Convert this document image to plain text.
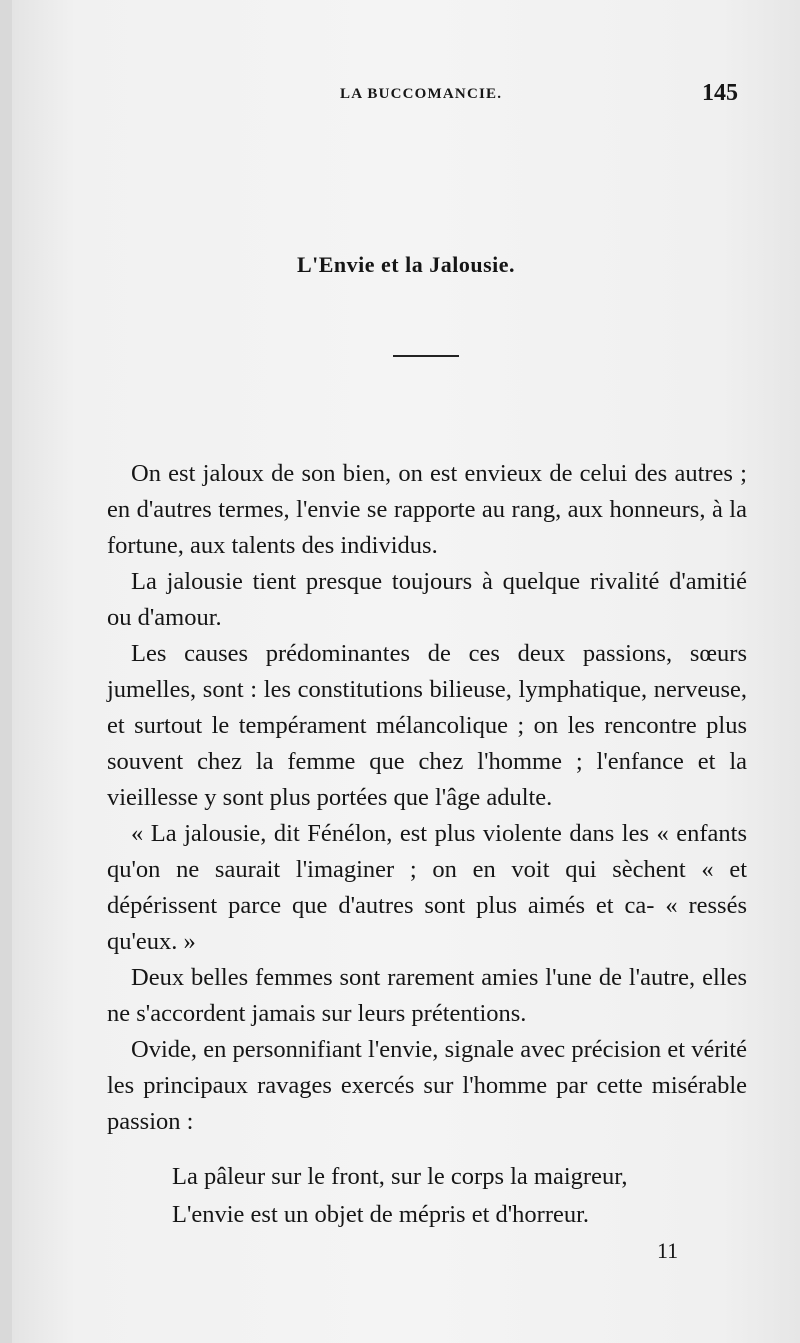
LA BUCCOMANCIE.	145
L'Envie et la Jalousie.

On est jaloux de son bien, on est envieux de celui des autres ; en d'autres termes, l'envie se rapporte au rang, aux honneurs, à la fortune, aux talents des individus.

La jalousie tient presque toujours à quelque rivalité d'amitié ou d'amour.

Les causes prédominantes de ces deux passions, sœurs jumelles, sont : les constitutions bilieuse, lymphatique, nerveuse, et surtout le tempérament mélancolique ; on les rencontre plus souvent chez la femme que chez l'homme ; l'enfance et la vieillesse y sont plus portées que l'âge adulte.

« La jalousie, dit Fénélon, est plus violente dans les « enfants qu'on ne saurait l'imaginer ; on en voit qui sèchent « et dépérissent parce que d'autres sont plus aimés et ca- « ressés qu'eux. »

Deux belles femmes sont rarement amies l'une de l'autre, elles ne s'accordent jamais sur leurs prétentions.

Ovide, en personnifiant l'envie, signale avec précision et vérité les principaux ravages exercés sur l'homme par cette misérable passion :

La pâleur sur le front, sur le corps la maigreur,
L'envie est un objet de mépris et d'horreur.
11
